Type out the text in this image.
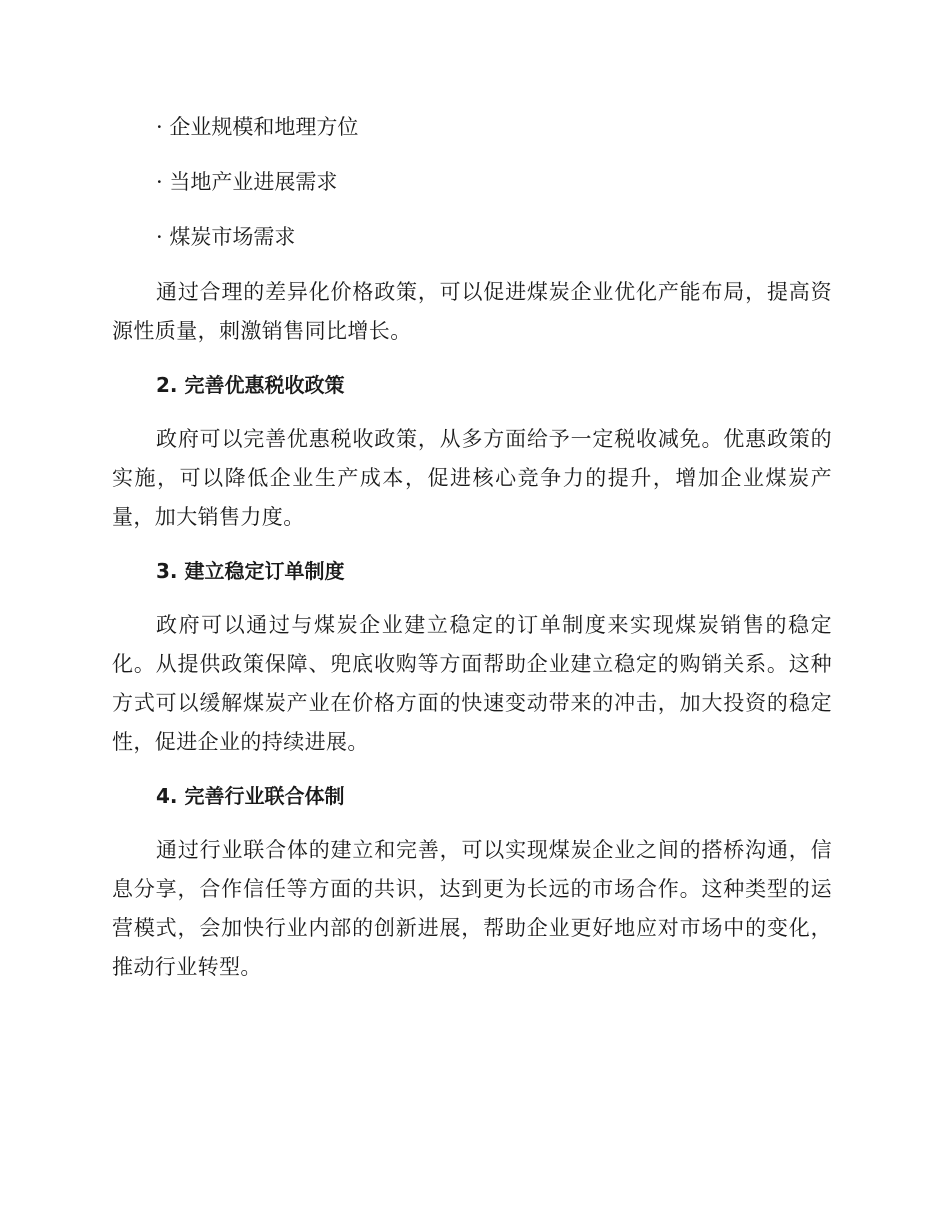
· 企业规模和地理方位
· 当地产业进展需求
· 煤炭市场需求

通过合理的差异化价格政策，可以促进煤炭企业优化产能布局，提高资源性质量，刺激销售同比增长。

2. 完善优惠税收政策

政府可以完善优惠税收政策，从多方面给予一定税收减免。优惠政策的实施，可以降低企业生产成本，促进核心竞争力的提升，增加企业煤炭产量，加大销售力度。

3. 建立稳定订单制度

政府可以通过与煤炭企业建立稳定的订单制度来实现煤炭销售的稳定化。从提供政策保障、兜底收购等方面帮助企业建立稳定的购销关系。这种方式可以缓解煤炭产业在价格方面的快速变动带来的冲击，加大投资的稳定性，促进企业的持续进展。

4. 完善行业联合体制

通过行业联合体的建立和完善，可以实现煤炭企业之间的搭桥沟通，信息分享，合作信任等方面的共识，达到更为长远的市场合作。这种类型的运营模式，会加快行业内部的创新进展，帮助企业更好地应对市场中的变化，推动行业转型。
